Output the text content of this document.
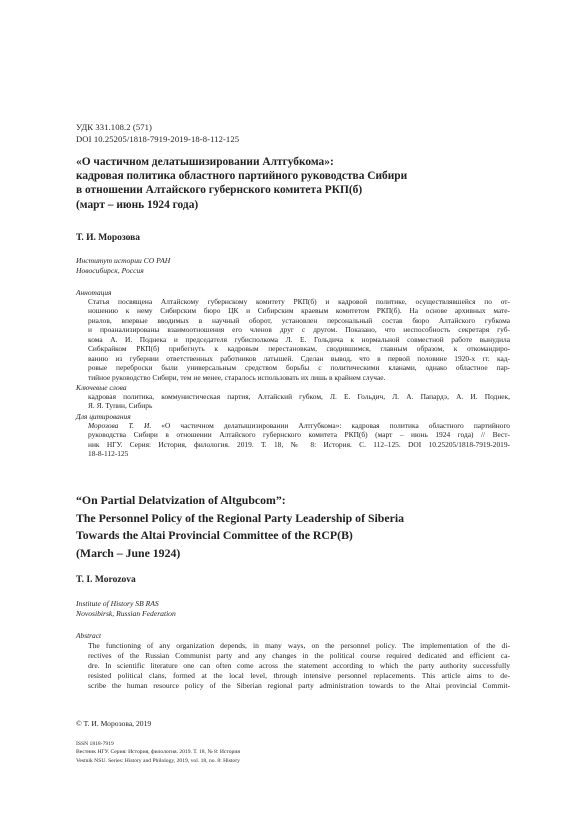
УДК 331.108.2 (571)
DOI 10.25205/1818-7919-2019-18-8-112-125
«О частичном делатышизировании Алтгубкома»:
кадровая политика областного партийного руководства Сибири
в отношении Алтайского губернского комитета РКП(б)
(март – июнь 1924 года)
Т. И. Морозова
Институт истории СО РАН
Новосибирск, Россия
Аннотация
Статья посвящена Алтайскому губернскому комитету РКП(б) и кадровой политике, осуществлявшейся по от-
ношению к нему Сибирским бюро ЦК и Сибирским краевым комитетом РКП(б). На основе архивных мате-
риалов, впервые вводимых в научный оборот, установлен персональный состав бюро Алтайского губкома
и проанализированы взаимоотношения его членов друг с другом. Показано, что неспособность секретаря губ-
кома А. И. Поднека и председателя губисполкома Л. Е. Гольдича к нормальной совместной работе вынудила
Сибкрайком РКП(б) прибегнуть к кадровым перестановкам, сводившимся, главным образом, к откомандиро-
ванию из губернии ответственных работников латышей. Сделан вывод, что в первой половине 1920-х гг. кад-
ровые переброски были универсальным средством борьбы с политическими кланами, однако областное пар-
тийное руководство Сибири, тем не менее, старалось использовать их лишь в крайнем случае.
Ключевые слова
кадровая политика, коммунистическая партия, Алтайский губком, Л. Е. Гольдич, Л. А. Папардэ, А. И. Поднек,
Я. Я. Тупин, Сибирь
Для цитирования
Морозова Т. И. «О частичном делатышизировании Алтгубкома»: кадровая политика областного партийного
руководства Сибири в отношении Алтайского губернского комитета РКП(б) (март – июнь 1924 года) // Вест-
ник НГУ. Серия: История, филология. 2019. Т. 18, № 8: История. С. 112–125. DOI 10.25205/1818-7919-2019-
18-8-112-125
“On Partial Delatvization of Altgubcom”:
The Personnel Policy of the Regional Party Leadership of Siberia
Towards the Altai Provincial Committee of the RCP(B)
(March – June 1924)
T. I. Morozova
Institute of History SB RAS
Novosibirsk, Russian Federation
Abstract
The functioning of any organization depends, in many ways, on the personnel policy. The implementation of the di-
rectives of the Russian Communist party and any changes in the political course required dedicated and efficient ca-
dre. In scientific literature one can often come across the statement according to which the party authority successfully
resisted political clans, formed at the local level, through intensive personnel replacements. This article aims to de-
scribe the human resource policy of the Siberian regional party administration towards to the Altai provincial Commit-
© Т. И. Морозова, 2019
ISSN 1818-7919
Вестник НГУ. Серия: История, филология. 2019. Т. 18, № 8: История
Vestnik NSU. Series: History and Philology, 2019, vol. 18, no. 8: History
